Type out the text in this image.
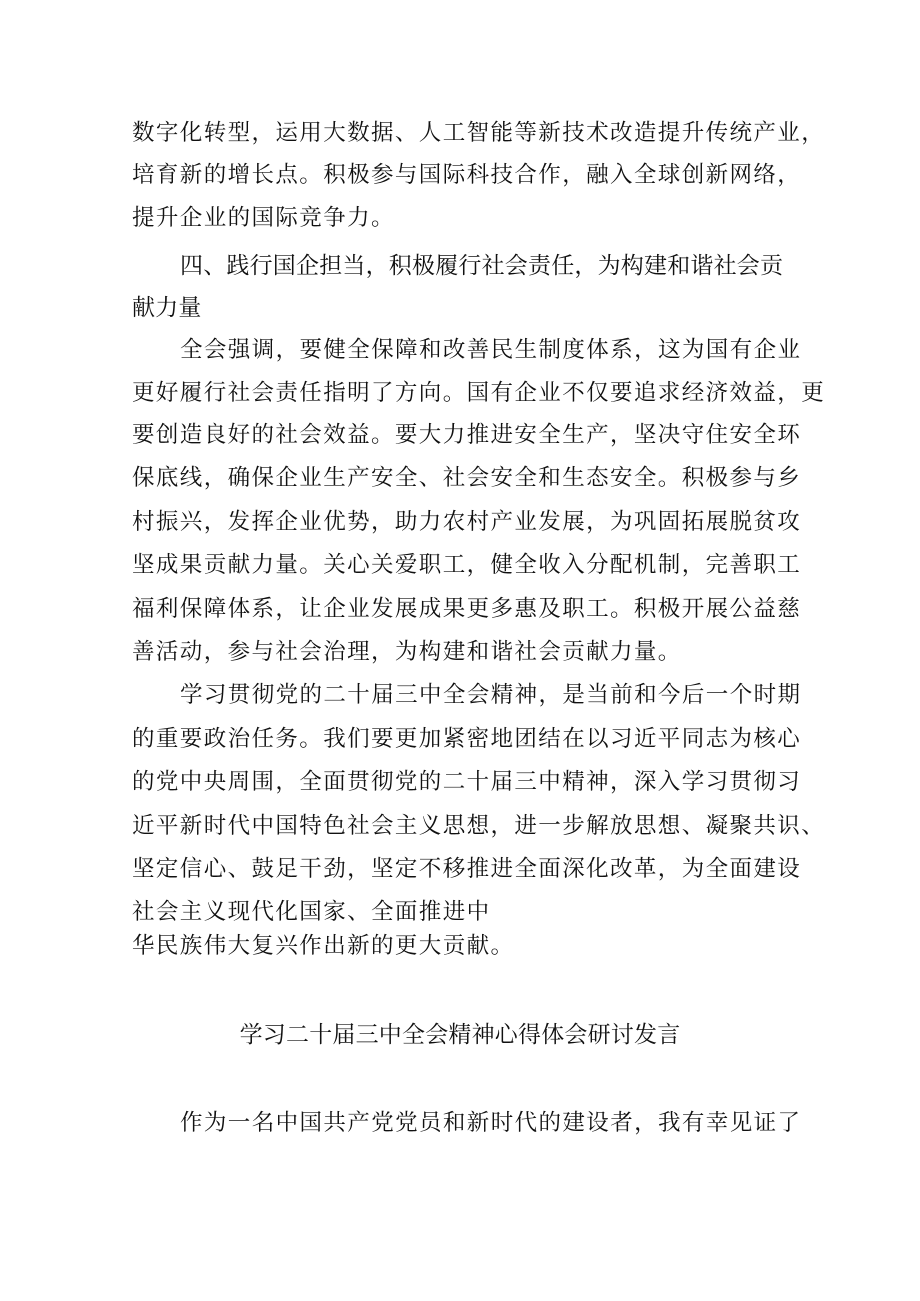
数字化转型，运用大数据、人工智能等新技术改造提升传统产业，
培育新的增长点。积极参与国际科技合作，融入全球创新网络，
提升企业的国际竞争力。
四、践行国企担当，积极履行社会责任，为构建和谐社会贡
献力量
全会强调，要健全保障和改善民生制度体系，这为国有企业
更好履行社会责任指明了方向。国有企业不仅要追求经济效益，更
要创造良好的社会效益。要大力推进安全生产，坚决守住安全环
保底线，确保企业生产安全、社会安全和生态安全。积极参与乡
村振兴，发挥企业优势，助力农村产业发展，为巩固拓展脱贫攻
坚成果贡献力量。关心关爱职工，健全收入分配机制，完善职工
福利保障体系，让企业发展成果更多惠及职工。积极开展公益慈
善活动，参与社会治理，为构建和谐社会贡献力量。
学习贯彻党的二十届三中全会精神，是当前和今后一个时期
的重要政治任务。我们要更加紧密地团结在以习近平同志为核心
的党中央周围，全面贯彻党的二十届三中精神，深入学习贯彻习
近平新时代中国特色社会主义思想，进一步解放思想、凝聚共识、
坚定信心、鼓足干劲，坚定不移推进全面深化改革，为全面建设
社会主义现代化国家、全面推进中
华民族伟大复兴作出新的更大贡献。
学习二十届三中全会精神心得体会研讨发言
作为一名中国共产党党员和新时代的建设者，我有幸见证了
